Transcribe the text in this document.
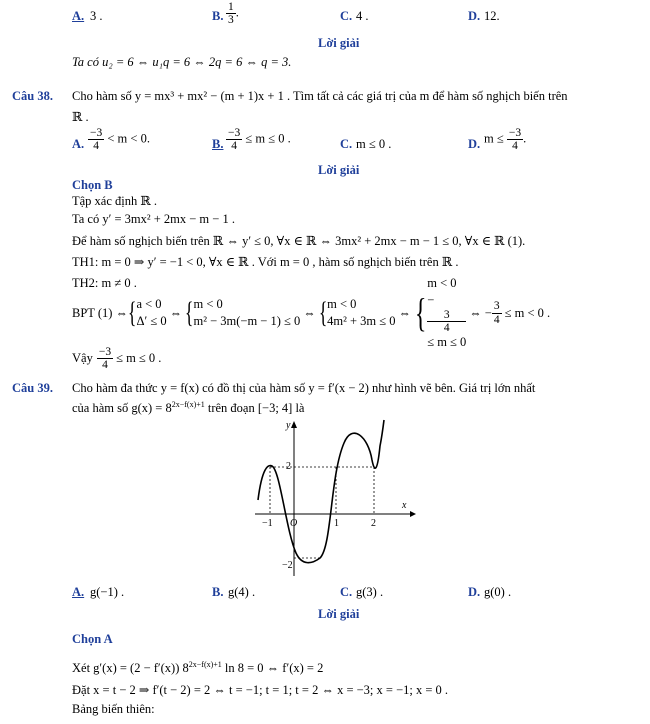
A. 3 .	B. $\frac{1}{3}$ .	C. 4 .	D. 12.
Lời giải
Ta có u₂ = 6 ⇔ u₁q = 6 ⇔ 2q = 6 ⇔ q = 3.
Câu 38. Cho hàm số y = mx³ + mx² − (m + 1)x + 1 . Tìm tất cả các giá trị của m để hàm số nghịch biến trên
ℝ .
A. $\frac{-3}{4} < m < 0$.	B. $\frac{-3}{4} \le m \le 0$ .	C. m ≤ 0 .	D. $m \le \frac{-3}{4}$ .
Lời giải
Chọn B
Tập xác định ℝ .
Ta có y′ = 3mx² + 2mx − m − 1 .
Để hàm số nghịch biến trên ℝ ⇔ y′ ≤ 0, ∀x ∈ ℝ ⇔ 3mx² + 2mx − m − 1 ≤ 0, ∀x ∈ ℝ (1).
TH1: m = 0 ⇒ y′ = −1 < 0, ∀x ∈ ℝ . Với m = 0 , hàm số nghịch biến trên ℝ .
TH2: m ≠ 0 .
BPT (1) ⇔ { a < 0
Δ′ ≤ 0
⇔ { m < 0
m² − 3m(−m − 1) ≤ 0
⇔ { m < 0
4m² + 3m ≤ 0
⇔ {
m < 0
−
3
4
≤ m ≤ 0
⇔ − $\frac{3}{4} \le m < 0$ .
Vậy $\frac{-3}{4} \le m \le 0$ .
Câu 39. Cho hàm đa thức y = f(x) có đồ thị của hàm số y = f′(x − 2) như hình vẽ bên. Giá trị lớn nhất
của hàm số $g(x) = 8^{2x-f(x)+1}$ trên đoạn [−3; 4] là
y
x
2
O
−1	1	2
−2
A. g(−1) .	B. g(4) .	C. g(3) .	D. g(0) .
Lời giải
Chọn A
Xét g′(x) = (2 − f′(x)) $8^{2x-f(x)+1}$ ln 8 = 0 ⇔ f′(x) = 2
Đặt x = t − 2 ⇒ f′(t − 2) = 2 ⇔ t = −1; t = 1; t = 2 ⇔ x = −3; x = −1; x = 0 .
Bảng biến thiên:
